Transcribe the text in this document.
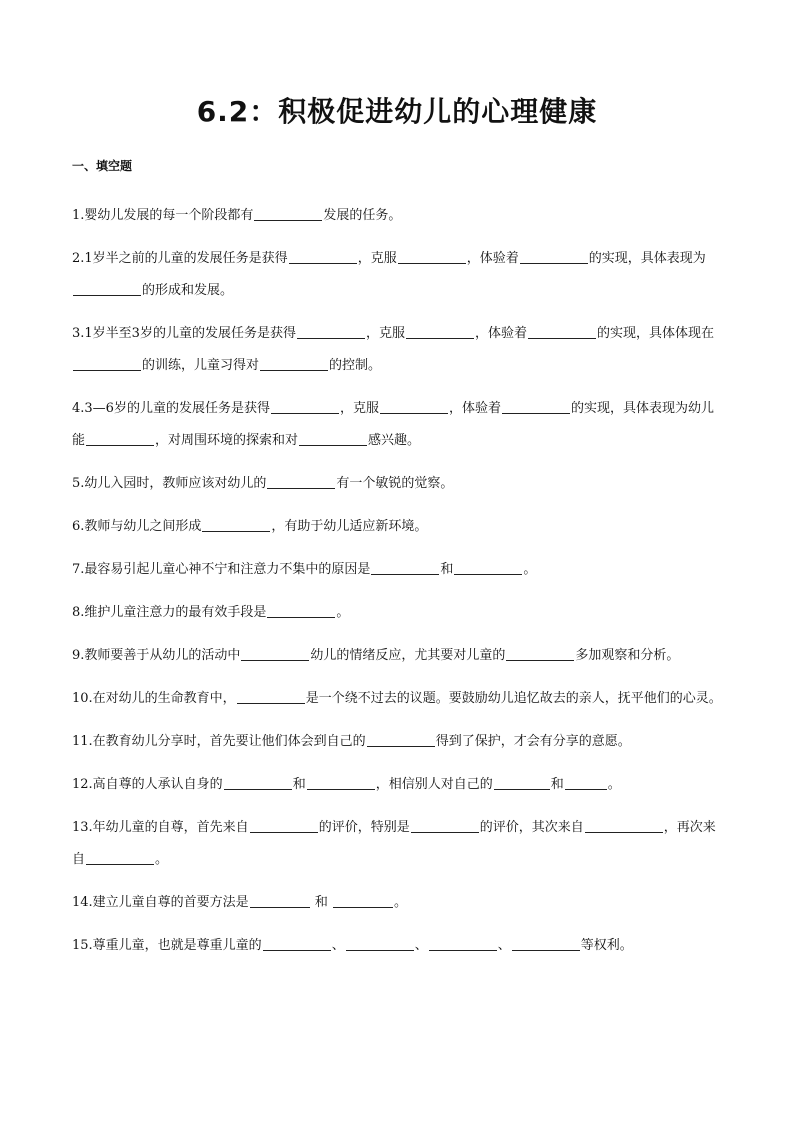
6.2：积极促进幼儿的心理健康
一、填空题
1.婴幼儿发展的每一个阶段都有	发展的任务。
2.1岁半之前的儿童的发展任务是获得	，克服	，体验着	的实现，具体表现为的形成和发展。
3.1岁半至3岁的儿童的发展任务是获得	，克服	，体验着	的实现，具体体现在的训练，儿童习得对	的控制。
4.3—6岁的儿童的发展任务是获得	，克服	，体验着	的实现，具体表现为幼儿能	，对周围环境的探索和对	感兴趣。
5.幼儿入园时，教师应该对幼儿的	有一个敏锐的觉察。
6.教师与幼儿之间形成	，有助于幼儿适应新环境。
7.最容易引起儿童心神不宁和注意力不集中的原因是	和	。
8.维护儿童注意力的最有效手段是	。
9.教师要善于从幼儿的活动中	幼儿的情绪反应，尤其要对儿童的	多加观察和分析。
10.在对幼儿的生命教育中，	是一个绕不过去的议题。要鼓励幼儿追忆故去的亲人，抚平他们的心灵。
11.在教育幼儿分享时，首先要让他们体会到自己的	得到了保护，才会有分享的意愿。
12.高自尊的人承认自身的	和	，相信别人对自己的	和	。
13.年幼儿童的自尊，首先来自	的评价，特别是	的评价，其次来自	，再次来自	。
14.建立儿童自尊的首要方法是	和	。
15.尊重儿童，也就是尊重儿童的	、	、	、	等权利。
